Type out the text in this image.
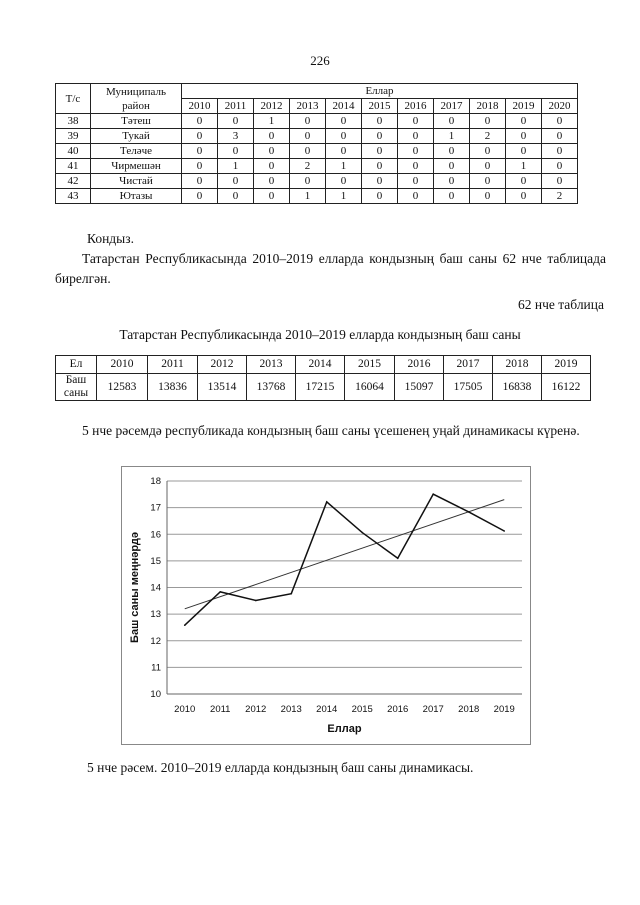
226
Т/с	Муниципаль район	Еллар										
		2010	2011	2012	2013	2014	2015	2016	2017	2018	2019	2020
38	Тәтеш	0	0	1	0	0	0	0	0	0	0	0
39	Тукай	0	3	0	0	0	0	0	1	2	0	0
40	Теләче	0	0	0	0	0	0	0	0	0	0	0
41	Чирмешән	0	1	0	2	1	0	0	0	0	1	0
42	Чистай	0	0	0	0	0	0	0	0	0	0	0
43	Ютазы	0	0	0	1	1	0	0	0	0	0	2
Кондыз.
  Татарстан Республикасында 2010–2019 елларда кондызның баш саны 62 нче таблицада бирелгән.
62 нче таблица
Татарстан Республикасында 2010–2019 елларда кондызның баш саны
Ел	2010	2011	2012	2013	2014	2015	2016	2017	2018	2019
Баш саны	12583	13836	13514	13768	17215	16064	15097	17505	16838	16122
  5 нче рәсемдә республикада кондызның баш саны үсешенең уңай динамикасы күренә.
10
11
12
13
14
15
16
17
18
2010 2011 2012 2013 2014 2015 2016 2017 2018 2019
Еллар
Баш саны меңнәрдә
5 нче рәсем. 2010–2019 елларда кондызның баш саны динамикасы.
